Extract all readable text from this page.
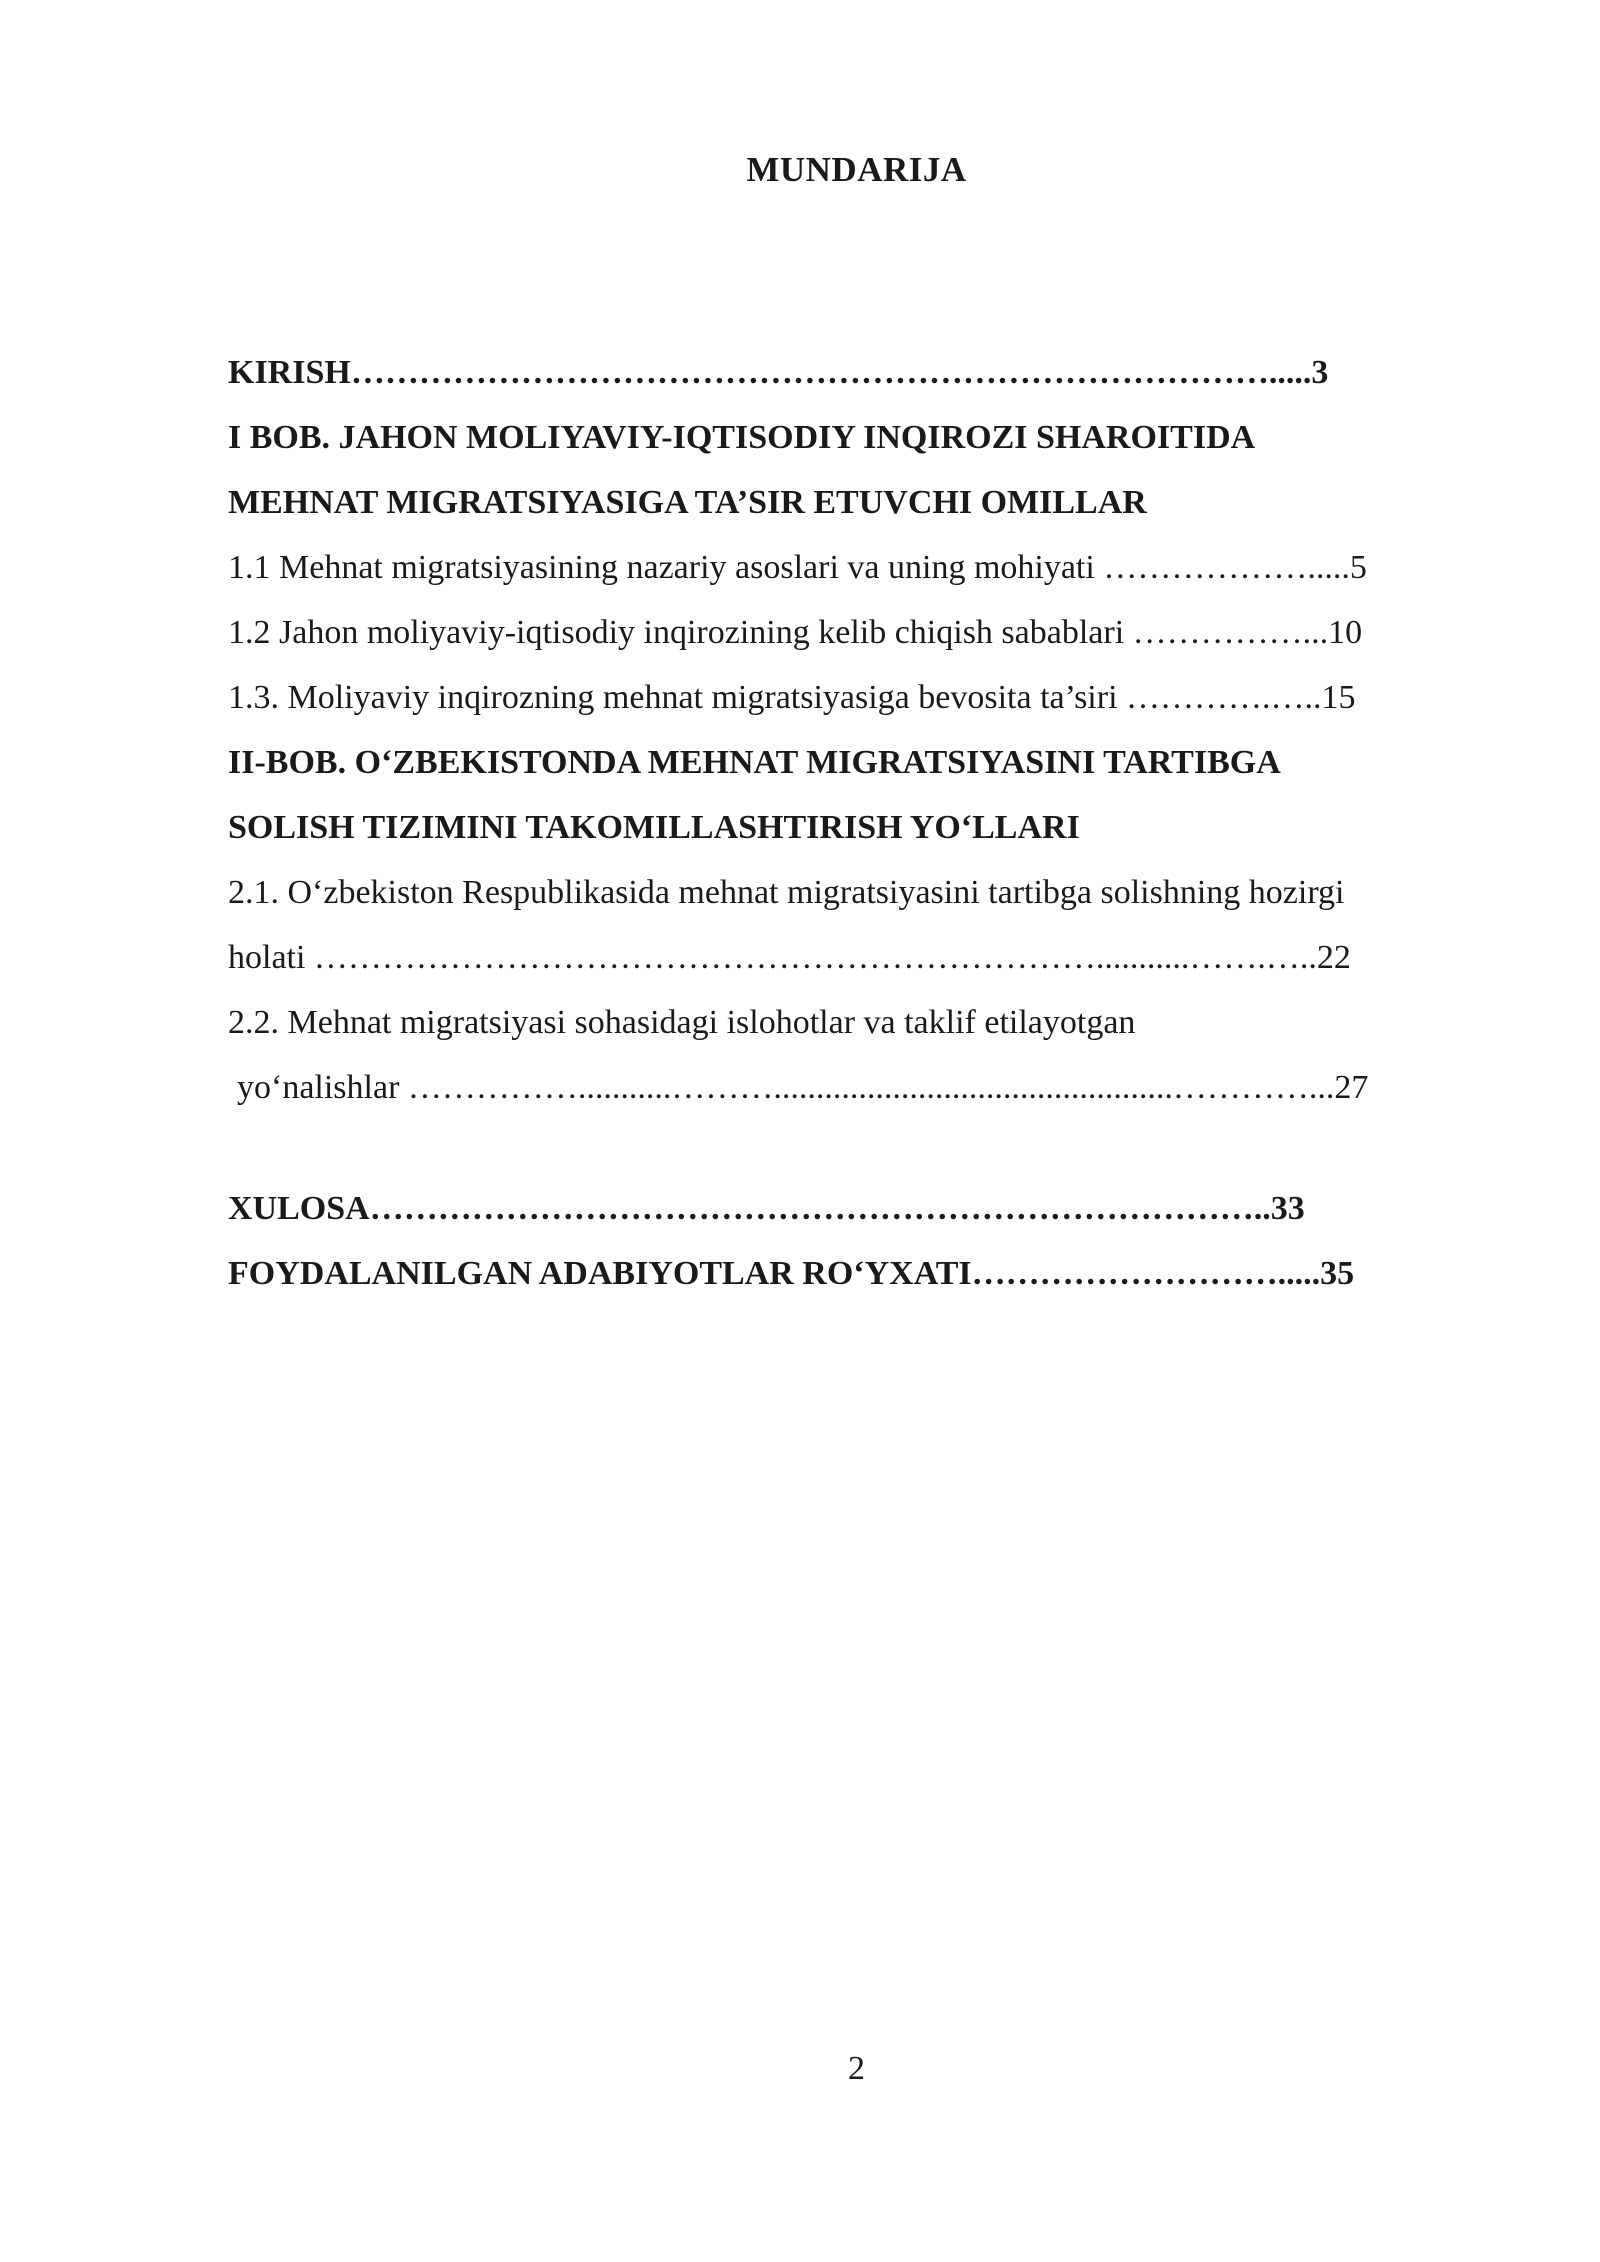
MUNDARIJA
KIRISH……………………………………………………………………….....3
I BOB. JAHON MOLIYAVIY-IQTISODIY INQIROZI SHAROITIDA
MEHNAT MIGRATSIYASIGA TA’SIR ETUVCHI OMILLAR
1.1 Mehnat migratsiyasining nazariy asoslari va uning mohiyati ……………….....5
1.2 Jahon moliyaviy-iqtisodiy inqirozining kelib chiqish sabablari ……………...10
1.3. Moliyaviy inqirozning mehnat migratsiyasiga bevosita ta’siri ………….…..15
II-BOB. O‘ZBEKISTONDA MEHNAT MIGRATSIYASINI TARTIBGA
SOLISH TIZIMINI TAKOMILLASHTIRISH YO‘LLARI
2.1. O‘zbekiston Respublikasida mehnat migratsiyasini tartibga solishning hozirgi
holati ……………………………………………………………...........…….…..22
2.2. Mehnat migratsiyasi sohasidagi islohotlar va taklif etilayotgan
yo‘nalishlar ……………...........………...............................................…………...27
XULOSA……………………………………………………………………..33
FOYDALANILGAN ADABIYOTLAR RO‘YXATI……………………….....35
2
